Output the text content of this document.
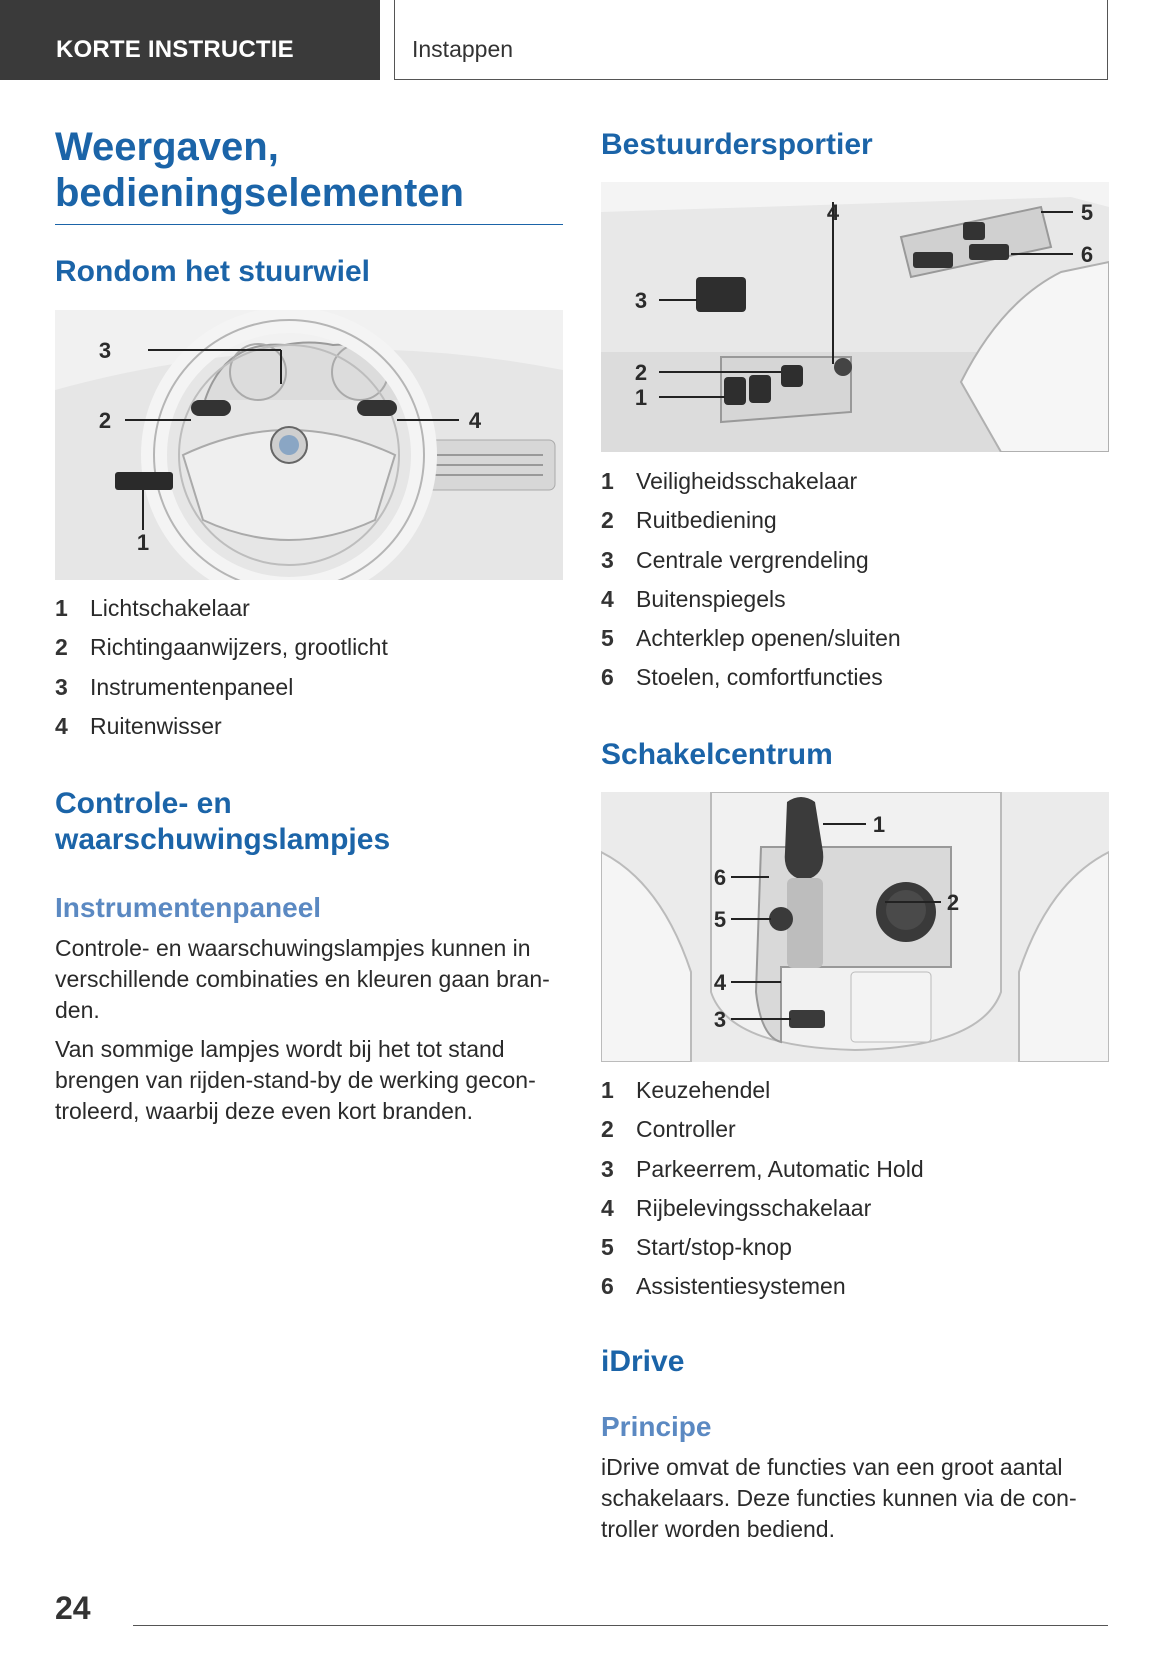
KORTE INSTRUCTIE	Instappen
Weergaven, bedieningselementen
Rondom het stuurwiel
1
2
3
4
1 Lichtschakelaar
2 Richtingaanwijzers, grootlicht
3 Instrumentenpaneel
4 Ruitenwisser
Controle- en waarschuwingslampjes
Instrumentenpaneel

Controle- en waarschuwingslampjes kunnen in verschillende combinaties en kleuren gaan bran-den.

Van sommige lampjes wordt bij het tot stand brengen van rijden-stand-by de werking gecon-troleerd, waarbij deze even kort branden.

Bestuurdersportier
1
2
3
4	5
6
1 Veiligheidsschakelaar
2 Ruitbediening
3 Centrale vergrendeling
4 Buitenspiegels
5 Achterklep openen/sluiten
6 Stoelen, comfortfuncties
Schakelcentrum
1
2
3
4
5
6
1 Keuzehendel
2 Controller
3 Parkeerrem, Automatic Hold
4 Rijbelevingsschakelaar
5 Start/stop-knop
6 Assistentiesystemen
iDrive
Principe

iDrive omvat de functies van een groot aantal schakelaars. Deze functies kunnen via de con-troller worden bediend.

24
